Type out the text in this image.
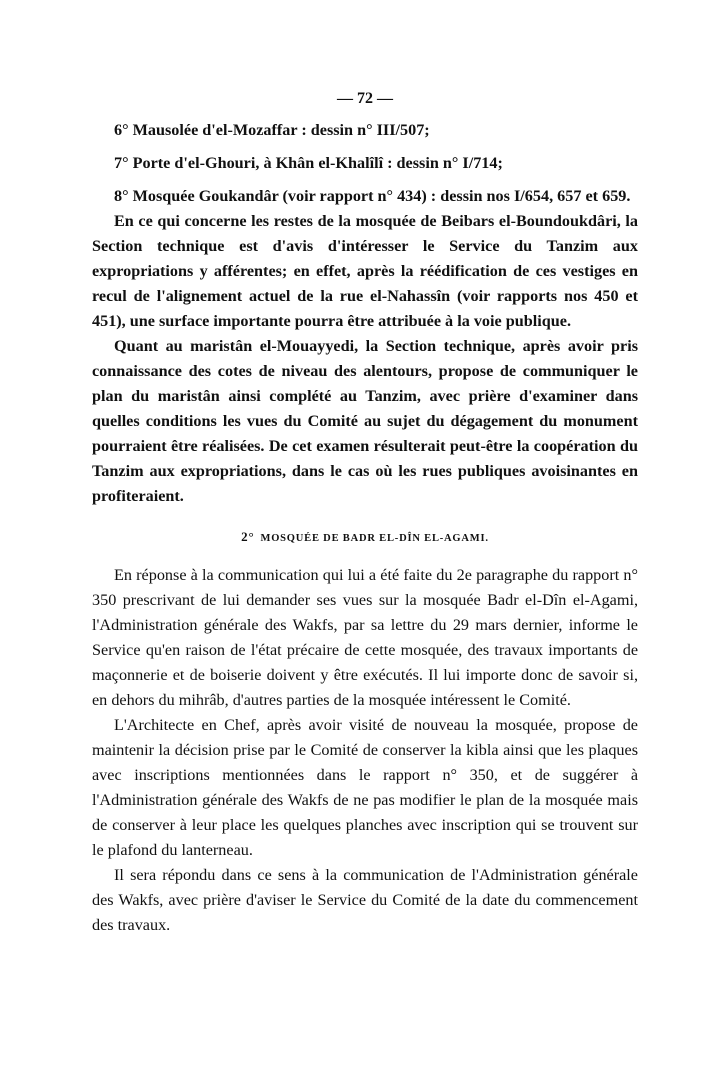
— 72 —

6° Mausolée d'el-Mozaffar : dessin n° III/507;

7° Porte d'el-Ghouri, à Khân el-Khalîlî : dessin n° I/714;

8° Mosquée Goukandâr (voir rapport n° 434) : dessin nos I/654, 657 et 659.

En ce qui concerne les restes de la mosquée de Beibars el-Boundoukdâri, la Section technique est d'avis d'intéresser le Service du Tanzim aux expropriations y afférentes; en effet, après la réédification de ces vestiges en recul de l'alignement actuel de la rue el-Nahassîn (voir rapports nos 450 et 451), une surface importante pourra être attribuée à la voie publique.

Quant au maristân el-Mouayyedi, la Section technique, après avoir pris connaissance des cotes de niveau des alentours, propose de communiquer le plan du maristân ainsi complété au Tanzim, avec prière d'examiner dans quelles conditions les vues du Comité au sujet du dégagement du monument pourraient être réalisées. De cet examen résulterait peut-être la coopération du Tanzim aux expropriations, dans le cas où les rues publiques avoisinantes en profiteraient.

2° MOSQUÉE DE BADR EL-DÎN EL-AGAMI.

En réponse à la communication qui lui a été faite du 2e paragraphe du rapport n° 350 prescrivant de lui demander ses vues sur la mosquée Badr el-Dîn el-Agami, l'Administration générale des Wakfs, par sa lettre du 29 mars dernier, informe le Service qu'en raison de l'état précaire de cette mosquée, des travaux importants de maçonnerie et de boiserie doivent y être exécutés. Il lui importe donc de savoir si, en dehors du mihrâb, d'autres parties de la mosquée intéressent le Comité.

L'Architecte en Chef, après avoir visité de nouveau la mosquée, propose de maintenir la décision prise par le Comité de conserver la kibla ainsi que les plaques avec inscriptions mentionnées dans le rapport n° 350, et de suggérer à l'Administration générale des Wakfs de ne pas modifier le plan de la mosquée mais de conserver à leur place les quelques planches avec inscription qui se trouvent sur le plafond du lanterneau.

Il sera répondu dans ce sens à la communication de l'Administration générale des Wakfs, avec prière d'aviser le Service du Comité de la date du commencement des travaux.
